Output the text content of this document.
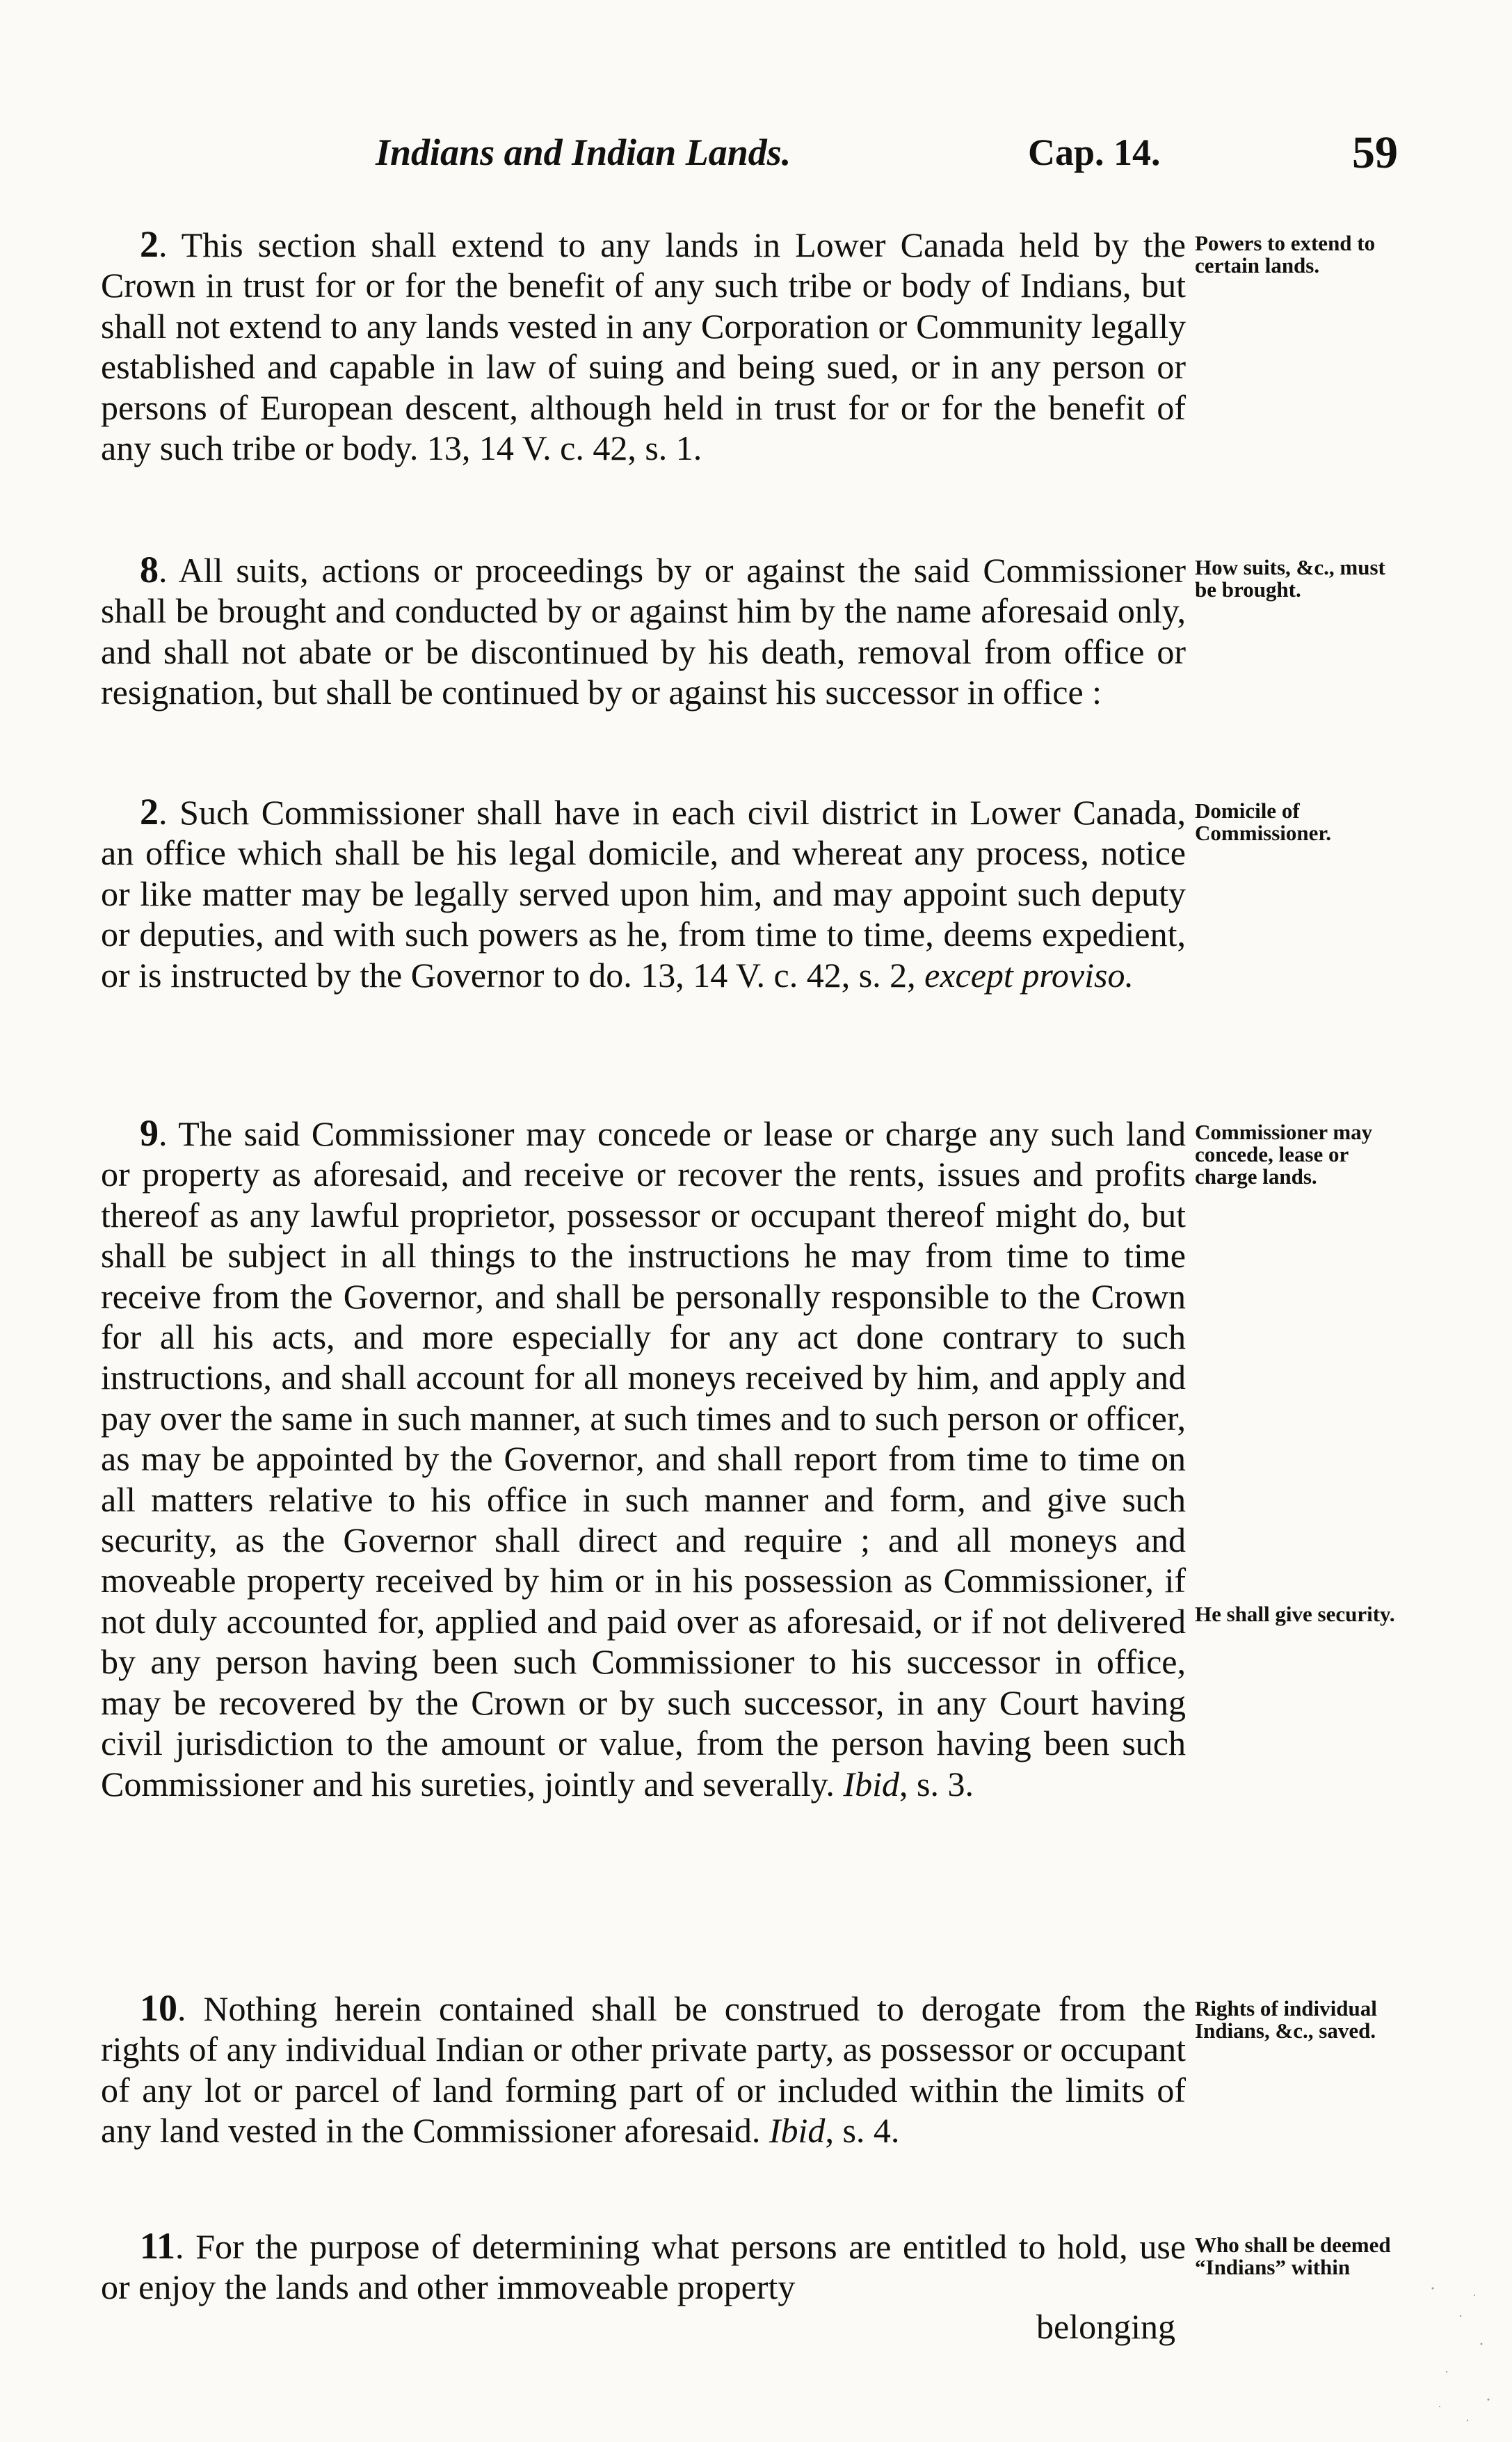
Indians and Indian Lands.	Cap. 14.	59

2. This section shall extend to any lands in Lower Canada held by the Crown in trust for or for the benefit of any such tribe or body of Indians, but shall not extend to any lands vested in any Corporation or Community legally established and capable in law of suing and being sued, or in any person or persons of European descent, although held in trust for or for the benefit of any such tribe or body. 13, 14 V. c. 42, s. 1.

Powers to extend to certain lands.

8. All suits, actions or proceedings by or against the said Commissioner shall be brought and conducted by or against him by the name aforesaid only, and shall not abate or be discontinued by his death, removal from office or resignation, but shall be continued by or against his successor in office :

How suits, &c., must be brought.

2. Such Commissioner shall have in each civil district in Lower Canada, an office which shall be his legal domicile, and whereat any process, notice or like matter may be legally served upon him, and may appoint such deputy or deputies, and with such powers as he, from time to time, deems expedient, or is instructed by the Governor to do. 13, 14 V. c. 42, s. 2, except proviso.

Domicile of Commissioner.

9. The said Commissioner may concede or lease or charge any such land or property as aforesaid, and receive or recover the rents, issues and profits thereof as any lawful proprietor, possessor or occupant thereof might do, but shall be subject in all things to the instructions he may from time to time receive from the Governor, and shall be personally responsible to the Crown for all his acts, and more especially for any act done contrary to such instructions, and shall account for all moneys received by him, and apply and pay over the same in such manner, at such times and to such person or officer, as may be appointed by the Governor, and shall report from time to time on all matters relative to his office in such manner and form, and give such security, as the Governor shall direct and require ; and all moneys and moveable property received by him or in his possession as Commissioner, if not duly accounted for, applied and paid over as aforesaid, or if not delivered by any person having been such Commissioner to his successor in office, may be recovered by the Crown or by such successor, in any Court having civil jurisdiction to the amount or value, from the person having been such Commissioner and his sureties, jointly and severally. Ibid, s. 3.

Commissioner may concede, lease or charge lands.
He shall give security.

10. Nothing herein contained shall be construed to derogate from the rights of any individual Indian or other private party, as possessor or occupant of any lot or parcel of land forming part of or included within the limits of any land vested in the Commissioner aforesaid. Ibid, s. 4.

Rights of individual Indians, &c., saved.

11. For the purpose of determining what persons are entitled to hold, use or enjoy the lands and other immoveable property

Who shall be deemed “Indians” within
belonging
